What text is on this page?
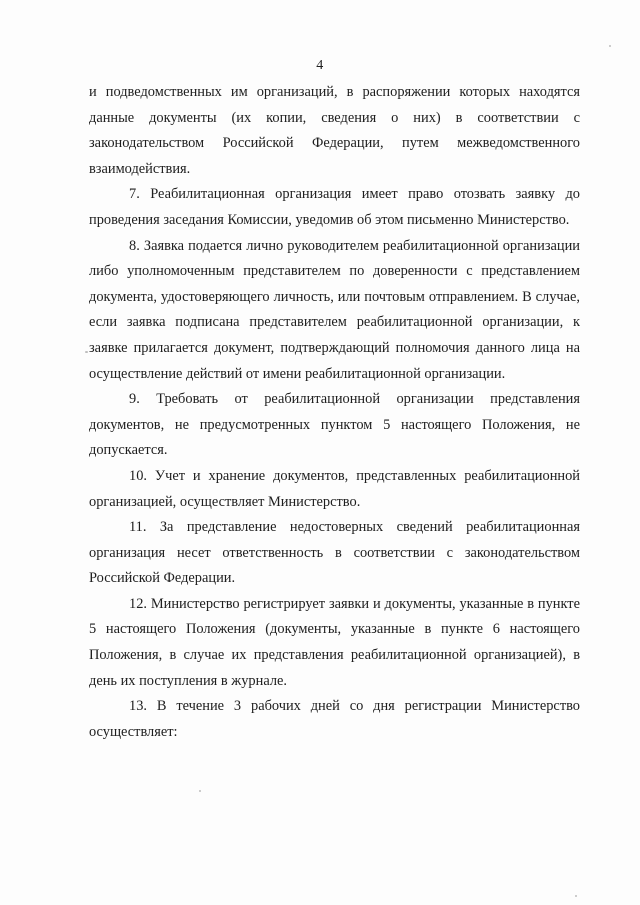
4

и подведомственных им организаций, в распоряжении которых находятся данные документы (их копии, сведения о них) в соответствии с законодательством Российской Федерации, путем межведомственного взаимодействия.

7. Реабилитационная организация имеет право отозвать заявку до проведения заседания Комиссии, уведомив об этом письменно Министерство.

8. Заявка подается лично руководителем реабилитационной организации либо уполномоченным представителем по доверенности с представлением документа, удостоверяющего личность, или почтовым отправлением. В случае, если заявка подписана представителем реабилитационной организации, к заявке прилагается документ, подтверждающий полномочия данного лица на осуществление действий от имени реабилитационной организации.

9. Требовать от реабилитационной организации представления документов, не предусмотренных пунктом 5 настоящего Положения, не допускается.

10. Учет и хранение документов, представленных реабилитационной организацией, осуществляет Министерство.

11. За представление недостоверных сведений реабилитационная организация несет ответственность в соответствии с законодательством Российской Федерации.

12. Министерство регистрирует заявки и документы, указанные в пункте 5 настоящего Положения (документы, указанные в пункте 6 настоящего Положения, в случае их представления реабилитационной организацией), в день их поступления в журнале.

13. В течение 3 рабочих дней со дня регистрации Министерство осуществляет:
